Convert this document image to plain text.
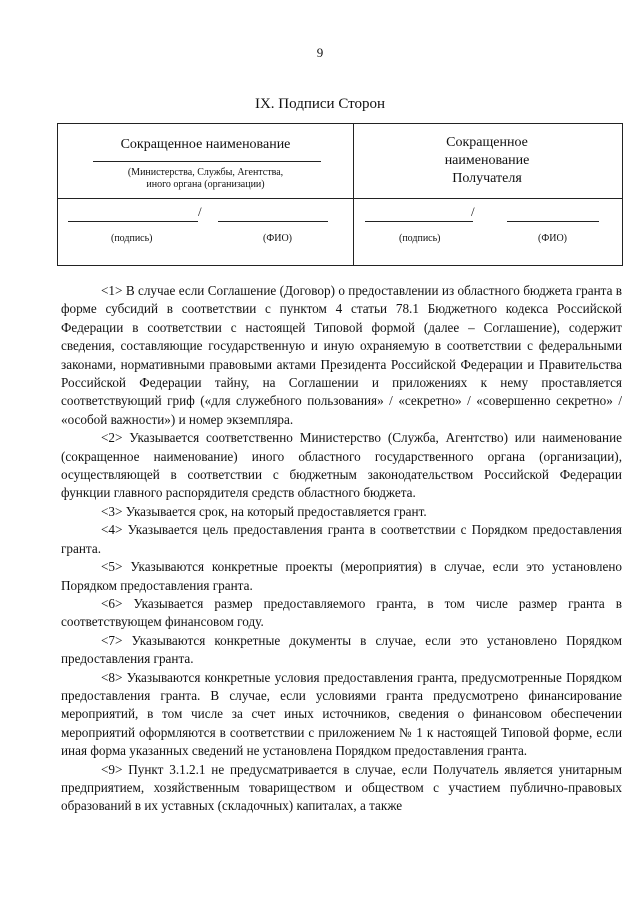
9
IX. Подписи Сторон
Сокращенное наименование
(Министерства, Службы, Агентства, иного органа (организации)
/
(подпись)	(ФИО)
Сокращенное наименование Получателя
/
(подпись)	(ФИО)

<1> В случае если Соглашение (Договор) о предоставлении из областного бюджета гранта в форме субсидий в соответствии с пунктом 4 статьи 78.1 Бюджетного кодекса Российской Федерации в соответствии с настоящей Типовой формой (далее – Соглашение), содержит сведения, составляющие государственную и иную охраняемую в соответствии с федеральными законами, нормативными правовыми актами Президента Российской Федерации и Правительства Российской Федерации тайну, на Соглашении и приложениях к нему проставляется соответствующий гриф («для служебного пользования» / «секретно» / «совершенно секретно» / «особой важности») и номер экземпляра.

<2> Указывается соответственно Министерство (Служба, Агентство) или наименование (сокращенное наименование) иного областного государственного органа (организации), осуществляющей в соответствии с бюджетным законодательством Российской Федерации функции главного распорядителя средств областного бюджета.

<3> Указывается срок, на который предоставляется грант.

<4> Указывается цель предоставления гранта в соответствии с Порядком предоставления гранта.

<5> Указываются конкретные проекты (мероприятия) в случае, если это установлено Порядком предоставления гранта.

<6> Указывается размер предоставляемого гранта, в том числе размер гранта в соответствующем финансовом году.

<7> Указываются конкретные документы в случае, если это установлено Порядком предоставления гранта.

<8> Указываются конкретные условия предоставления гранта, предусмотренные Порядком предоставления гранта. В случае, если условиями гранта предусмотрено финансирование мероприятий, в том числе за счет иных источников, сведения о финансовом обеспечении мероприятий оформляются в соответствии с приложением № 1 к настоящей Типовой форме, если иная форма указанных сведений не установлена Порядком предоставления гранта.

<9> Пункт 3.1.2.1 не предусматривается в случае, если Получатель является унитарным предприятием, хозяйственным товариществом и обществом с участием публично-правовых образований в их уставных (складочных) капиталах, а также
